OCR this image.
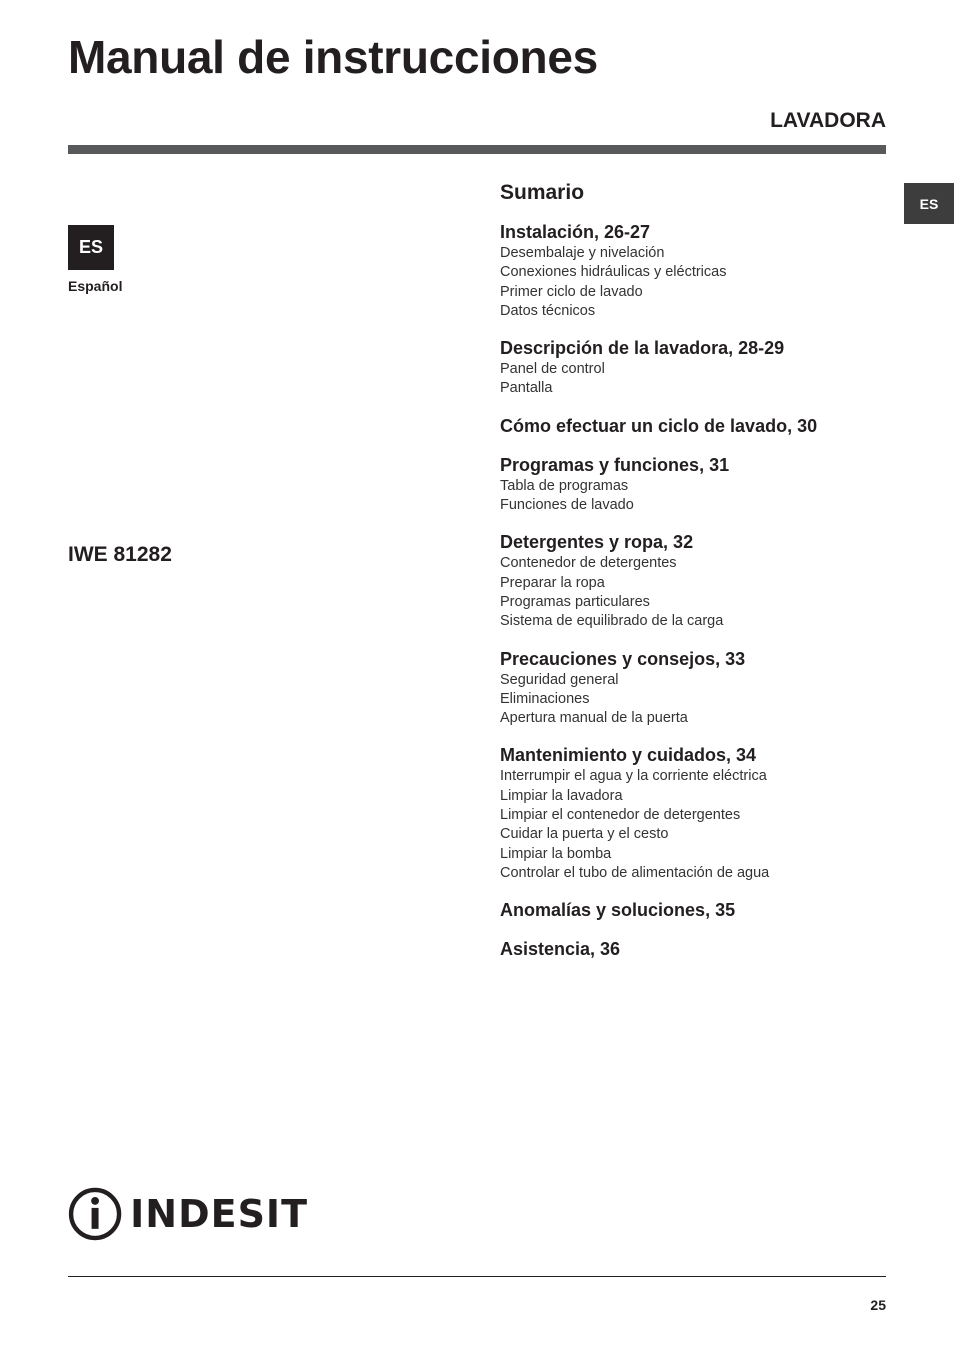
Manual de instrucciones
LAVADORA
ES
ES
Español
IWE 81282
Sumario
Instalación, 26-27
Desembalaje y nivelación
Conexiones hidráulicas y eléctricas
Primer ciclo de lavado
Datos técnicos
Descripción de la lavadora, 28-29
Panel de control
Pantalla
Cómo efectuar un ciclo de lavado, 30
Programas y funciones, 31
Tabla de programas
Funciones de lavado
Detergentes y ropa, 32
Contenedor de detergentes
Preparar la ropa
Programas particulares
Sistema de equilibrado de la carga
Precauciones y consejos, 33
Seguridad general
Eliminaciones
Apertura manual de la puerta
Mantenimiento y cuidados, 34
Interrumpir el agua y la corriente eléctrica
Limpiar la lavadora
Limpiar el contenedor de detergentes
Cuidar la puerta y el cesto
Limpiar la bomba
Controlar el tubo de alimentación de agua
Anomalías y soluciones, 35
Asistencia, 36
INDESIT
25
